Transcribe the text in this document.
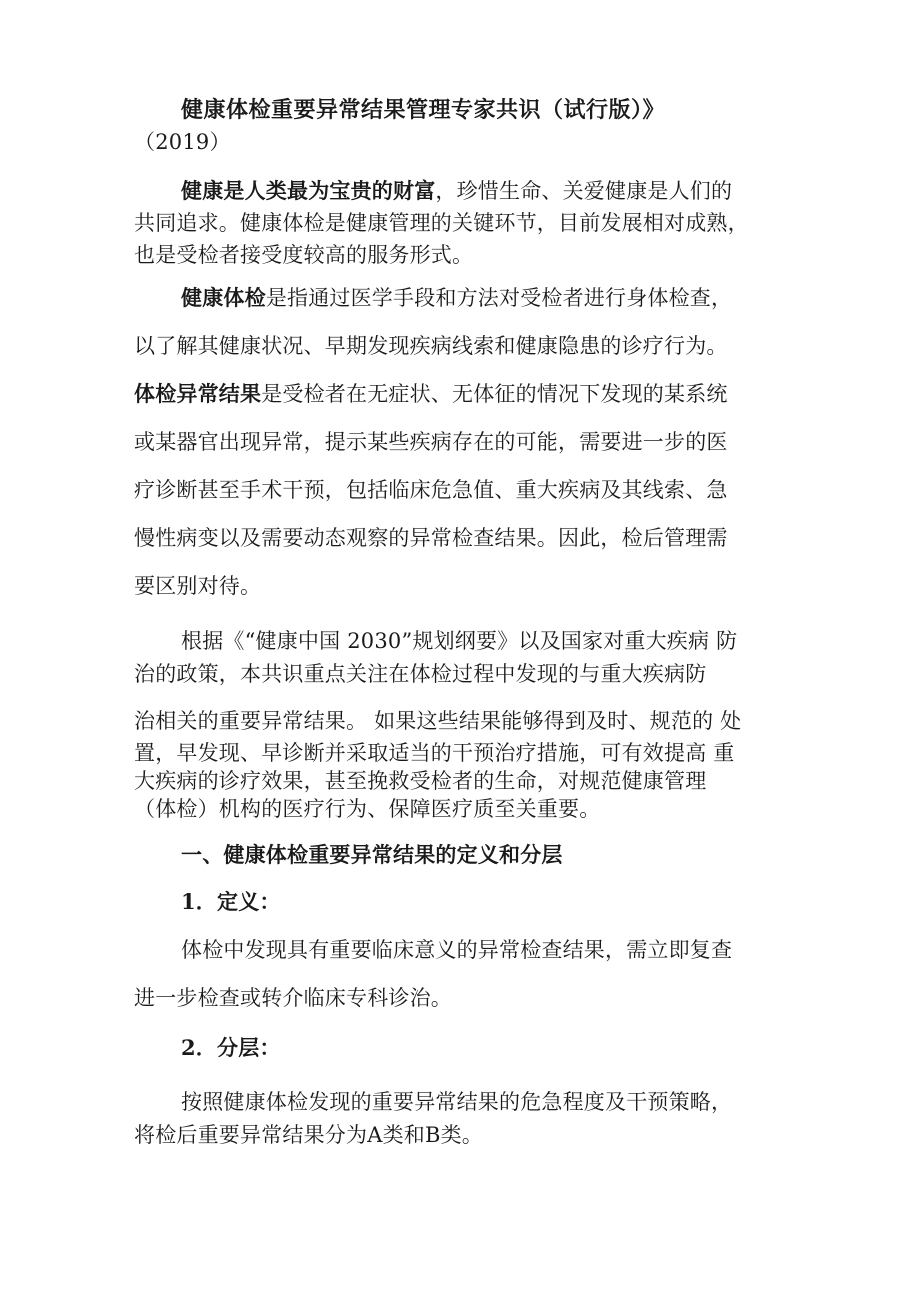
健康体检重要异常结果管理专家共识（试行版）》
（2019）
健康是人类最为宝贵的财富，珍惜生命、关爱健康是人们的
共同追求。健康体检是健康管理的关键环节，目前发展相对成熟，
也是受检者接受度较高的服务形式。
健康体检是指通过医学手段和方法对受检者进行身体检查，
以了解其健康状况、早期发现疾病线索和健康隐患的诊疗行为。
体检异常结果是受检者在无症状、无体征的情况下发现的某系统
或某器官出现异常，提示某些疾病存在的可能，需要进一步的医
疗诊断甚至手术干预，包括临床危急值、重大疾病及其线索、急
慢性病变以及需要动态观察的异常检查结果。因此，检后管理需
要区别对待。
根据《“健康中国 2030”规划纲要》以及国家对重大疾病 防
治的政策，本共识重点关注在体检过程中发现的与重大疾病防
治相关的重要异常结果。 如果这些结果能够得到及时、规范的 处
置，早发现、早诊断并采取适当的干预治疗措施，可有效提高 重
大疾病的诊疗效果，甚至挽救受检者的生命，对规范健康管理
（体检）机构的医疗行为、保障医疗质至关重要。
一、健康体检重要异常结果的定义和分层
1．定义：
体检中发现具有重要临床意义的异常检查结果，需立即复查
进一步检查或转介临床专科诊治。
2．分层：
按照健康体检发现的重要异常结果的危急程度及干预策略，
将检后重要异常结果分为A类和B类。
